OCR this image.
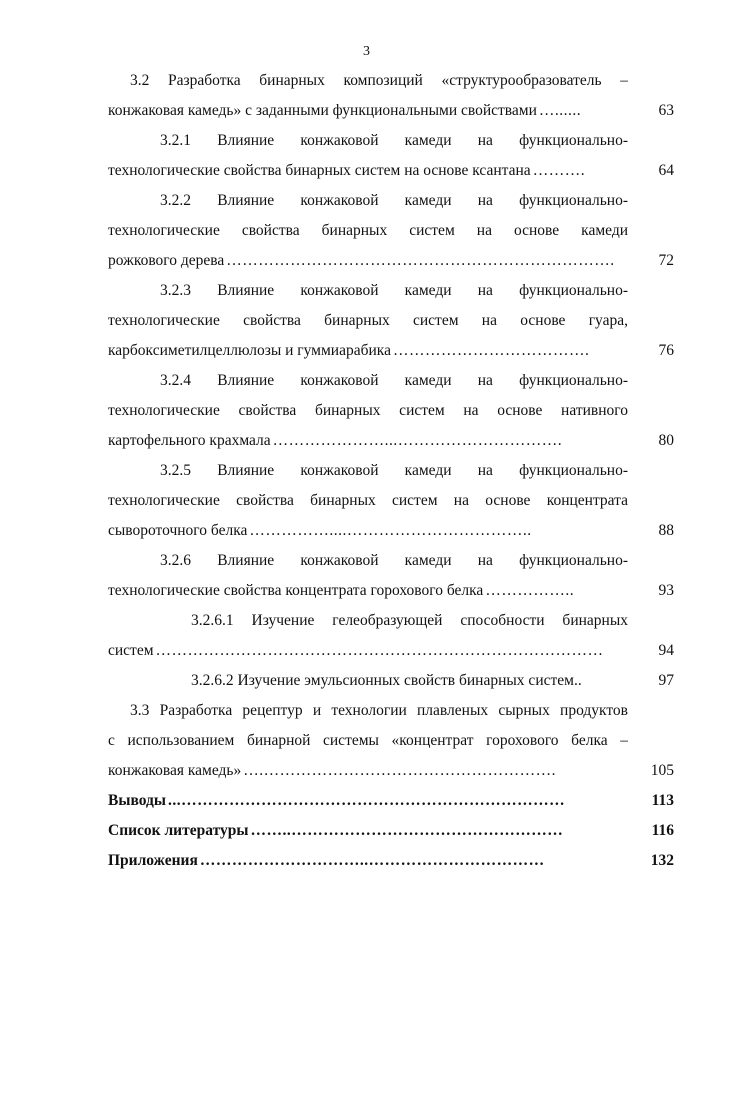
3
3.2 Разработка бинарных композиций «структурообразователь –
конжаковая камедь» с заданными функциональными свойствами …......	63
3.2.1 Влияние конжаковой камеди на функционально-
технологические свойства бинарных систем на основе ксантана ……….	64
3.2.2 Влияние конжаковой камеди на функционально-
технологические свойства бинарных систем на основе камеди
рожкового дерева ……………………………………………………………….	72
3.2.3 Влияние конжаковой камеди на функционально-
технологические свойства бинарных систем на основе гуара,
карбоксиметилцеллюлозы и гуммиарабика ……………………………….	76
3.2.4 Влияние конжаковой камеди на функционально-
технологические свойства бинарных систем на основе нативного
картофельного крахмала …………………...………………………….	80
3.2.5 Влияние конжаковой камеди на функционально-
технологические свойства бинарных систем на основе концентрата
сывороточного белка ……………....……………………………..	88
3.2.6 Влияние конжаковой камеди на функционально-
технологические свойства концентрата горохового белка ……………..	93
3.2.6.1 Изучение гелеобразующей способности бинарных
систем …………………………………………………………………………	94
3.2.6.2 Изучение эмульсионных свойств бинарных систем ..	97
3.3 Разработка рецептур и технологии плавленых сырных продуктов
с использованием бинарной системы «концентрат горохового белка –
конжаковая камедь» ….……………………………………………….	105
Выводы ...………………………………………………………………	113
Список литературы ……..……………………………………………	116
Приложения …………………………..……………………………	132
